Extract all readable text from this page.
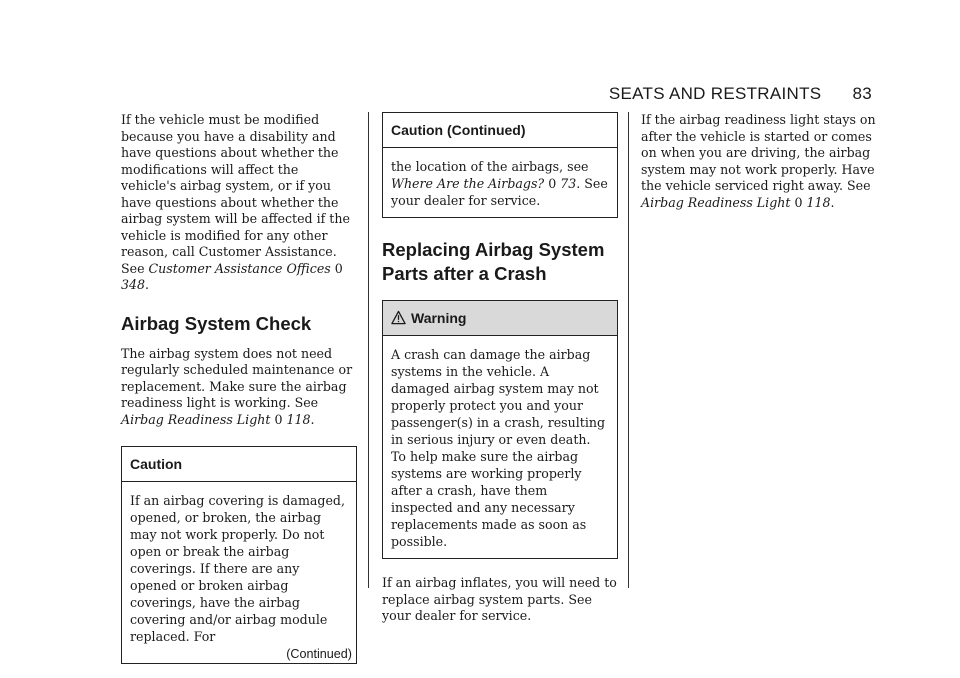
SEATS AND RESTRAINTS 83

If the vehicle must be modified because you have a disability and have questions about whether the modifications will affect the vehicle's airbag system, or if you have questions about whether the airbag system will be affected if the vehicle is modified for any other reason, call Customer Assistance. See Customer Assistance Offices 0 348.

Airbag System Check

The airbag system does not need regularly scheduled maintenance or replacement. Make sure the airbag readiness light is working. See Airbag Readiness Light 0 118.

Caution

If an airbag covering is damaged, opened, or broken, the airbag may not work properly. Do not open or break the airbag coverings. If there are any opened or broken airbag coverings, have the airbag covering and/or airbag module replaced. For

(Continued)
Caution (Continued)

the location of the airbags, see Where Are the Airbags? 0 73. See your dealer for service.

Replacing Airbag System Parts after a Crash
Warning

A crash can damage the airbag systems in the vehicle. A damaged airbag system may not properly protect you and your passenger(s) in a crash, resulting in serious injury or even death. To help make sure the airbag systems are working properly after a crash, have them inspected and any necessary replacements made as soon as possible.

If an airbag inflates, you will need to replace airbag system parts. See your dealer for service.

If the airbag readiness light stays on after the vehicle is started or comes on when you are driving, the airbag system may not work properly. Have the vehicle serviced right away. See Airbag Readiness Light 0 118.
